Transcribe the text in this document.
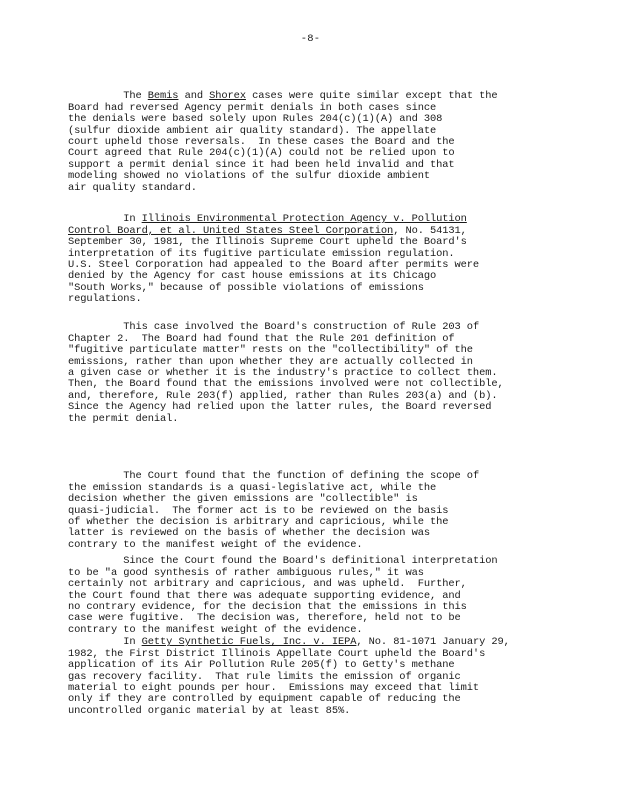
-8-

The Bemis and Shorex cases were quite similar except that the
Board had reversed Agency permit denials in both cases since
the denials were based solely upon Rules 204(c)(1)(A) and 308
(sulfur dioxide ambient air quality standard). The appellate
court upheld those reversals.  In these cases the Board and the
Court agreed that Rule 204(c)(1)(A) could not be relied upon to
support a permit denial since it had been held invalid and that
modeling showed no violations of the sulfur dioxide ambient
air quality standard.

In Illinois Environmental Protection Agency v. Pollution
Control Board, et al. United States Steel Corporation, No. 54131,
September 30, 1981, the Illinois Supreme Court upheld the Board's
interpretation of its fugitive particulate emission regulation.
U.S. Steel Corporation had appealed to the Board after permits were
denied by the Agency for cast house emissions at its Chicago
"South Works," because of possible violations of emissions
regulations.

This case involved the Board's construction of Rule 203 of
Chapter 2.  The Board had found that the Rule 201 definition of
"fugitive particulate matter" rests on the "collectibility" of the
emissions, rather than upon whether they are actually collected in
a given case or whether it is the industry's practice to collect them.
Then, the Board found that the emissions involved were not collectible,
and, therefore, Rule 203(f) applied, rather than Rules 203(a) and (b).
Since the Agency had relied upon the latter rules, the Board reversed
the permit denial.

The Court found that the function of defining the scope of
the emission standards is a quasi-legislative act, while the
decision whether the given emissions are "collectible" is
quasi-judicial.  The former act is to be reviewed on the basis
of whether the decision is arbitrary and capricious, while the
latter is reviewed on the basis of whether the decision was
contrary to the manifest weight of the evidence.

Since the Court found the Board's definitional interpretation
to be "a good synthesis of rather ambiguous rules," it was
certainly not arbitrary and capricious, and was upheld.  Further,
the Court found that there was adequate supporting evidence, and
no contrary evidence, for the decision that the emissions in this
case were fugitive.  The decision was, therefore, held not to be
contrary to the manifest weight of the evidence.

In Getty Synthetic Fuels, Inc. v. IEPA, No. 81-1071 January 29,
1982, the First District Illinois Appellate Court upheld the Board's
application of its Air Pollution Rule 205(f) to Getty's methane
gas recovery facility.  That rule limits the emission of organic
material to eight pounds per hour.  Emissions may exceed that limit
only if they are controlled by equipment capable of reducing the
uncontrolled organic material by at least 85%.
